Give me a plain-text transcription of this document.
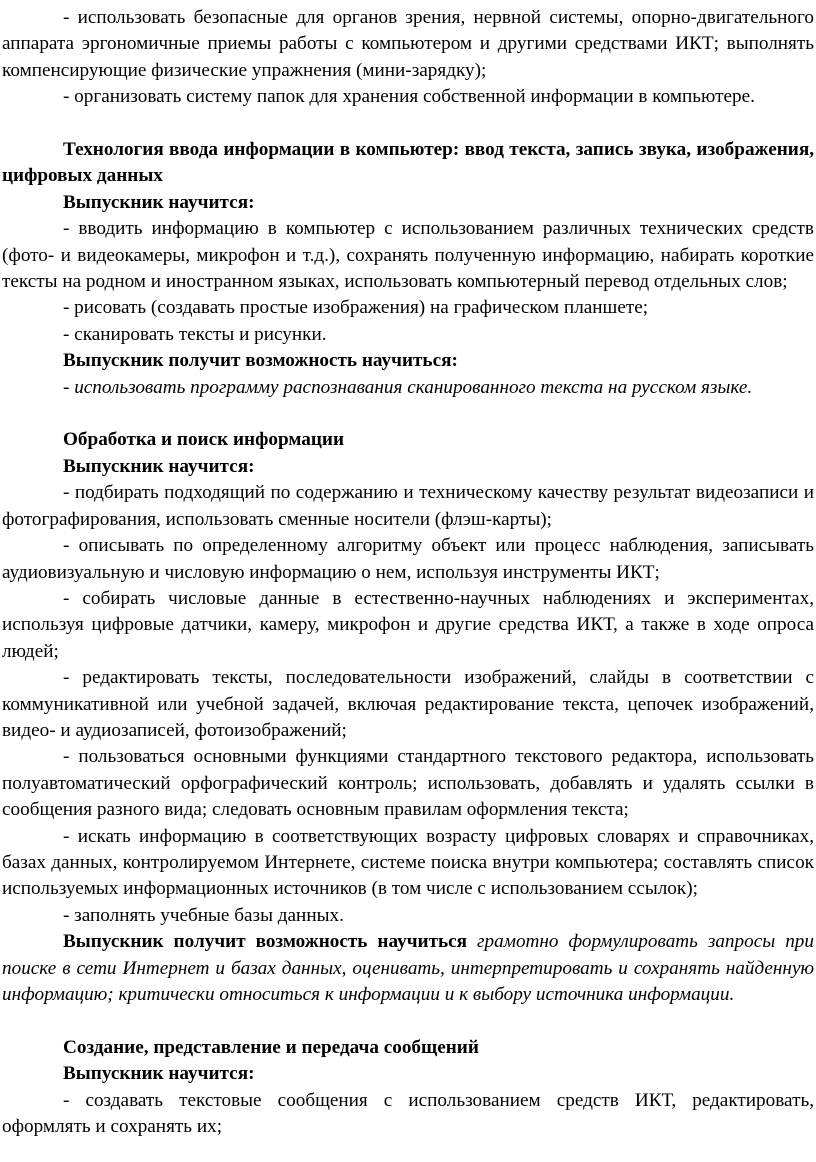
- использовать безопасные для органов зрения, нервной системы, опорно-двигательного аппарата эргономичные приемы работы с компьютером и другими средствами ИКТ; выполнять компенсирующие физические упражнения (мини-зарядку);

- организовать систему папок для хранения собственной информации в компьютере.

Технология ввода информации в компьютер: ввод текста, запись звука, изображения, цифровых данных

Выпускник научится:

- вводить информацию в компьютер с использованием различных технических средств (фото- и видеокамеры, микрофон и т.д.), сохранять полученную информацию, набирать короткие тексты на родном и иностранном языках, использовать компьютерный перевод отдельных слов;

- рисовать (создавать простые изображения) на графическом планшете;

- сканировать тексты и рисунки.

Выпускник получит возможность научиться:

- использовать программу распознавания сканированного текста на русском языке.

Обработка и поиск информации

Выпускник научится:

- подбирать подходящий по содержанию и техническому качеству результат видеозаписи и фотографирования, использовать сменные носители (флэш-карты);

- описывать по определенному алгоритму объект или процесс наблюдения, записывать аудиовизуальную и числовую информацию о нем, используя инструменты ИКТ;

- собирать числовые данные в естественно-научных наблюдениях и экспериментах, используя цифровые датчики, камеру, микрофон и другие средства ИКТ, а также в ходе опроса людей;

- редактировать тексты, последовательности изображений, слайды в соответствии с коммуникативной или учебной задачей, включая редактирование текста, цепочек изображений, видео- и аудиозаписей, фотоизображений;

- пользоваться основными функциями стандартного текстового редактора, использовать полуавтоматический орфографический контроль; использовать, добавлять и удалять ссылки в сообщения разного вида; следовать основным правилам оформления текста;

- искать информацию в соответствующих возрасту цифровых словарях и справочниках, базах данных, контролируемом Интернете, системе поиска внутри компьютера; составлять список используемых информационных источников (в том числе с использованием ссылок);

- заполнять учебные базы данных.

Выпускник получит возможность научиться грамотно формулировать запросы при поиске в сети Интернет и базах данных, оценивать, интерпретировать и сохранять найденную информацию; критически относиться к информации и к выбору источника информации.

Создание, представление и передача сообщений

Выпускник научится:

- создавать текстовые сообщения с использованием средств ИКТ, редактировать, оформлять и сохранять их;
